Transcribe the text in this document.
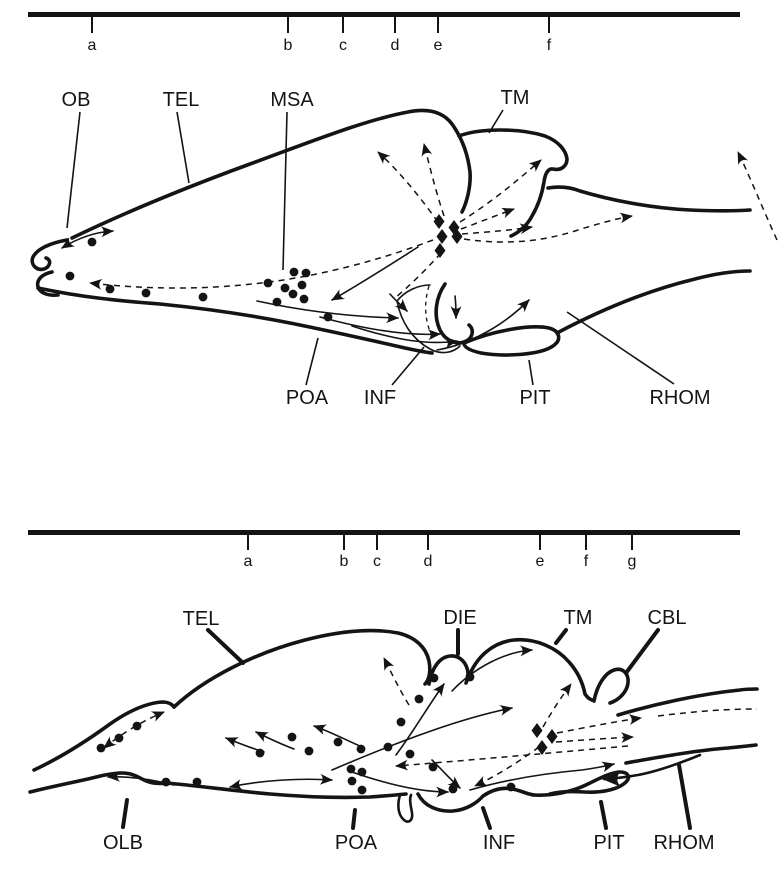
a	b	c	d e	f
OB	TEL	MSA	TM
POA INF	PIT	RHOM
a	b c	d	e f g
TEL	DIE	TM	CBL
OLB	POA	INF	PIT RHOM
